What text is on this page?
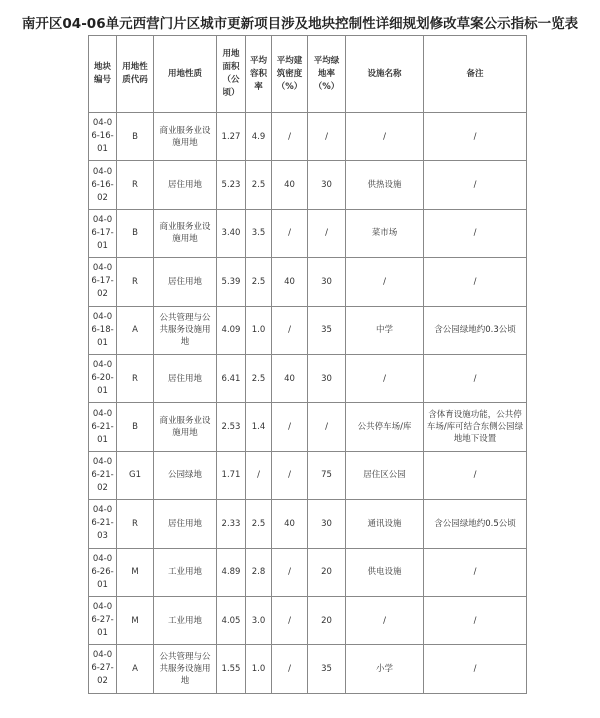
南开区04-06单元西营门片区城市更新项目涉及地块控制性详细规划修改草案公示指标一览表
地块编号	用地性质代码	用地性质	用地面积（公顷）	平均容积率	平均建筑密度（%）	平均绿地率（%）	设施名称	备注
04-06-16-01	B	商业服务业设施用地	1.27	4.9	/	/	/	/
04-06-16-02	R	居住用地	5.23	2.5	40	30	供热设施	/
04-06-17-01	B	商业服务业设施用地	3.40	3.5	/	/	菜市场	/
04-06-17-02	R	居住用地	5.39	2.5	40	30	/	/
04-06-18-01	A	公共管理与公共服务设施用地	4.09	1.0	/	35	中学	含公园绿地约0.3公顷
04-06-20-01	R	居住用地	6.41	2.5	40	30	/	/
04-06-21-01	B	商业服务业设施用地	2.53	1.4	/	/	公共停车场/库	含体育设施功能，公共停车场/库可结合东侧公园绿地地下设置
04-06-21-02	G1	公园绿地	1.71	/	/	75	居住区公园	/
04-06-21-03	R	居住用地	2.33	2.5	40	30	通讯设施	含公园绿地约0.5公顷
04-06-26-01	M	工业用地	4.89	2.8	/	20	供电设施	/
04-06-27-01	M	工业用地	4.05	3.0	/	20	/	/
04-06-27-02	A	公共管理与公共服务设施用地	1.55	1.0	/	35	小学	/
